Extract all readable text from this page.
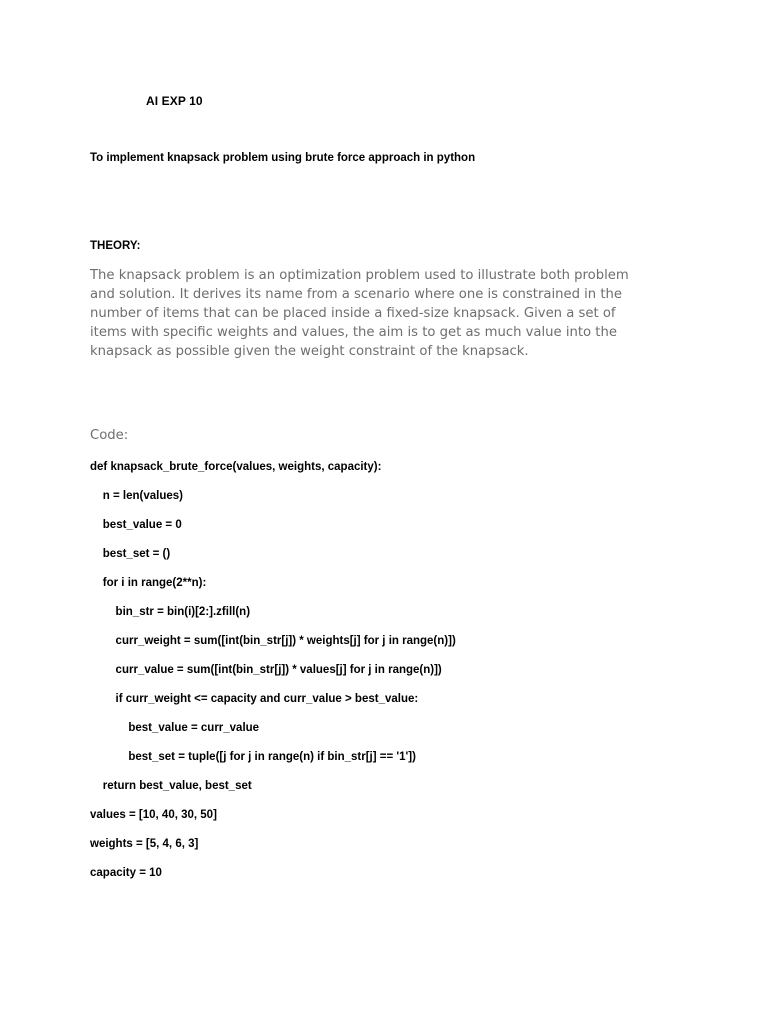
AI EXP 10
To implement knapsack problem using brute force approach in python
THEORY:

The knapsack problem is an optimization problem used to illustrate both problem
and solution. It derives its name from a scenario where one is constrained in the
number of items that can be placed inside a fixed-size knapsack. Given a set of
items with specific weights and values, the aim is to get as much value into the
knapsack as possible given the weight constraint of the knapsack.

Code:
def knapsack_brute_force(values, weights, capacity):
n = len(values)
best_value = 0
best_set = ()
for i in range(2**n):
bin_str = bin(i)[2:].zfill(n)
curr_weight = sum([int(bin_str[j]) * weights[j] for j in range(n)])
curr_value = sum([int(bin_str[j]) * values[j] for j in range(n)])
if curr_weight <= capacity and curr_value > best_value:
best_value = curr_value
best_set = tuple([j for j in range(n) if bin_str[j] == '1'])
return best_value, best_set
values = [10, 40, 30, 50]
weights = [5, 4, 6, 3]
capacity = 10
